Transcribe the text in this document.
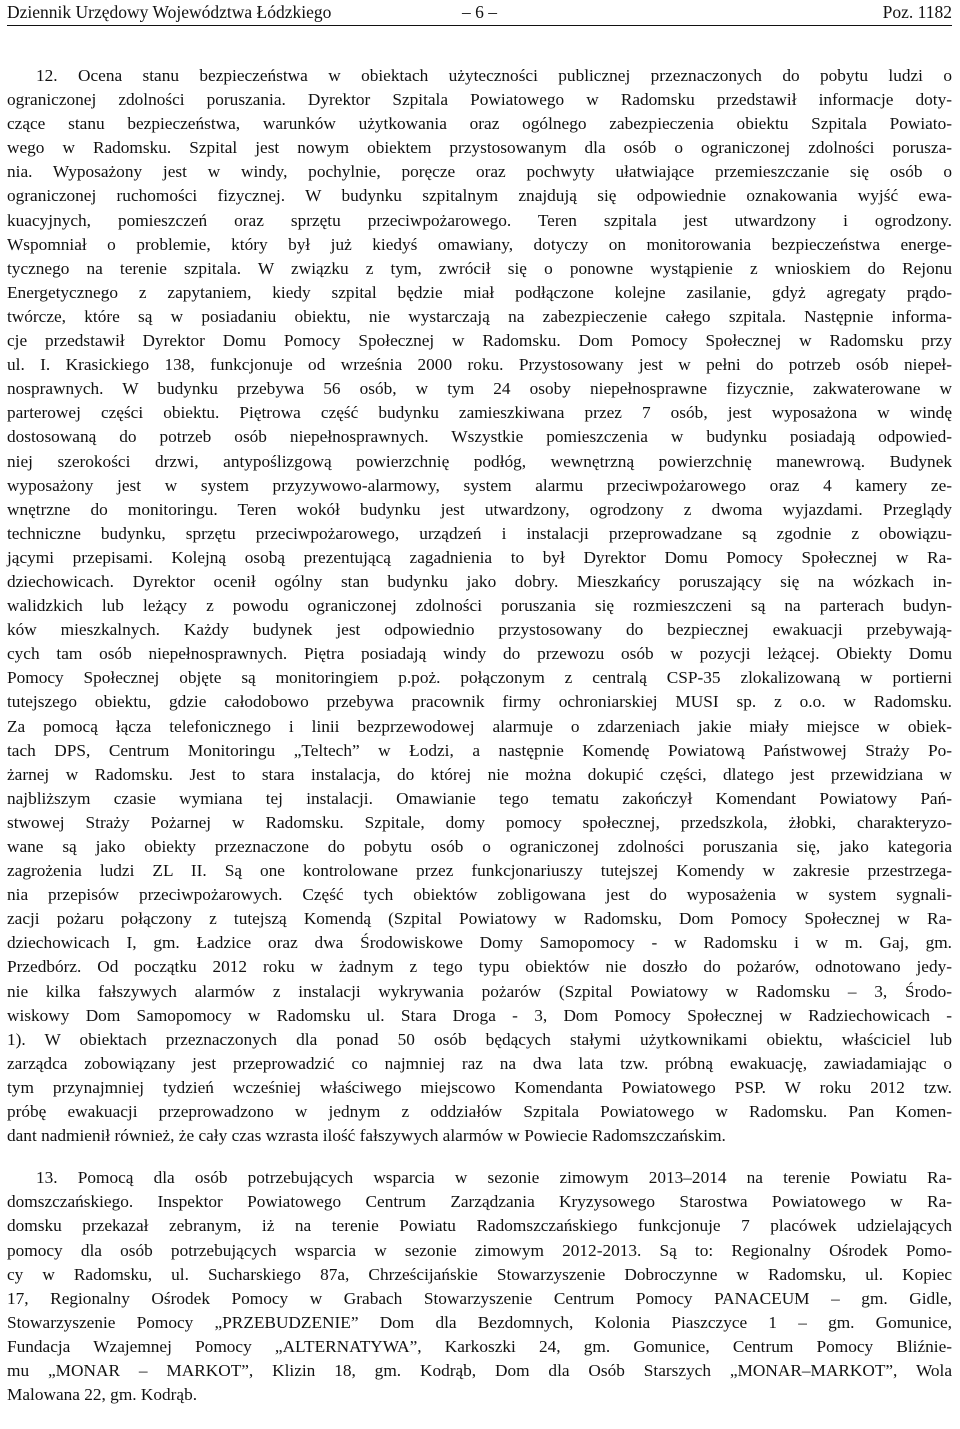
Dziennik Urzędowy Województwa Łódzkiego	– 6 –	Poz. 1182
12. Ocena stanu bezpieczeństwa w obiektach użyteczności publicznej przeznaczonych do pobytu ludzi o
ograniczonej zdolności poruszania. Dyrektor Szpitala Powiatowego w Radomsku przedstawił informacje doty-
czące stanu bezpieczeństwa, warunków użytkowania oraz ogólnego zabezpieczenia obiektu Szpitala Powiato-
wego w Radomsku. Szpital jest nowym obiektem przystosowanym dla osób o ograniczonej zdolności porusza-
nia. Wyposażony jest w windy, pochylnie, poręcze oraz pochwyty ułatwiające przemieszczanie się osób o
ograniczonej ruchomości fizycznej. W budynku szpitalnym znajdują się odpowiednie oznakowania wyjść ewa-
kuacyjnych, pomieszczeń oraz sprzętu przeciwpożarowego. Teren szpitala jest utwardzony i ogrodzony.
Wspomniał o problemie, który był już kiedyś omawiany, dotyczy on monitorowania bezpieczeństwa energe-
tycznego na terenie szpitala. W związku z tym, zwrócił się o ponowne wystąpienie z wnioskiem do Rejonu
Energetycznego z zapytaniem, kiedy szpital będzie miał podłączone kolejne zasilanie, gdyż agregaty prądo-
twórcze, które są w posiadaniu obiektu, nie wystarczają na zabezpieczenie całego szpitala. Następnie informa-
cje przedstawił Dyrektor Domu Pomocy Społecznej w Radomsku. Dom Pomocy Społecznej w Radomsku przy
ul. I. Krasickiego 138, funkcjonuje od września 2000 roku. Przystosowany jest w pełni do potrzeb osób niepeł-
nosprawnych. W budynku przebywa 56 osób, w tym 24 osoby niepełnosprawne fizycznie, zakwaterowane w
parterowej części obiektu. Piętrowa część budynku zamieszkiwana przez 7 osób, jest wyposażona w windę
dostosowaną do potrzeb osób niepełnosprawnych. Wszystkie pomieszczenia w budynku posiadają odpowied-
niej szerokości drzwi, antypoślizgową powierzchnię podłóg, wewnętrzną powierzchnię manewrową. Budynek
wyposażony jest w system przyzywowo-alarmowy, system alarmu przeciwpożarowego oraz 4 kamery ze-
wnętrzne do monitoringu. Teren wokół budynku jest utwardzony, ogrodzony z dwoma wyjazdami. Przeglądy
techniczne budynku, sprzętu przeciwpożarowego, urządzeń i instalacji przeprowadzane są zgodnie z obowiązu-
jącymi przepisami. Kolejną osobą prezentującą zagadnienia to był Dyrektor Domu Pomocy Społecznej w Ra-
dziechowicach. Dyrektor ocenił ogólny stan budynku jako dobry. Mieszkańcy poruszający się na wózkach in-
walidzkich lub leżący z powodu ograniczonej zdolności poruszania się rozmieszczeni są na parterach budyn-
ków mieszkalnych. Każdy budynek jest odpowiednio przystosowany do bezpiecznej ewakuacji przebywają-
cych tam osób niepełnosprawnych. Piętra posiadają windy do przewozu osób w pozycji leżącej. Obiekty Domu
Pomocy Społecznej objęte są monitoringiem p.poż. połączonym z centralą CSP-35 zlokalizowaną w portierni
tutejszego obiektu, gdzie całodobowo przebywa pracownik firmy ochroniarskiej MUSI sp. z o.o. w Radomsku.
Za pomocą łącza telefonicznego i linii bezprzewodowej alarmuje o zdarzeniach jakie miały miejsce w obiek-
tach DPS, Centrum Monitoringu „Teltech” w Łodzi, a następnie Komendę Powiatową Państwowej Straży Po-
żarnej w Radomsku. Jest to stara instalacja, do której nie można dokupić części, dlatego jest przewidziana w
najbliższym czasie wymiana tej instalacji. Omawianie tego tematu zakończył Komendant Powiatowy Pań-
stwowej Straży Pożarnej w Radomsku. Szpitale, domy pomocy społecznej, przedszkola, żłobki, charakteryzo-
wane są jako obiekty przeznaczone do pobytu osób o ograniczonej zdolności poruszania się, jako kategoria
zagrożenia ludzi ZL II. Są one kontrolowane przez funkcjonariuszy tutejszej Komendy w zakresie przestrzega-
nia przepisów przeciwpożarowych. Część tych obiektów zobligowana jest do wyposażenia w system sygnali-
zacji pożaru połączony z tutejszą Komendą (Szpital Powiatowy w Radomsku, Dom Pomocy Społecznej w Ra-
dziechowicach I, gm. Ładzice oraz dwa Środowiskowe Domy Samopomocy - w Radomsku i w m. Gaj, gm.
Przedbórz. Od początku 2012 roku w żadnym z tego typu obiektów nie doszło do pożarów, odnotowano jedy-
nie kilka fałszywych alarmów z instalacji wykrywania pożarów (Szpital Powiatowy w Radomsku – 3, Środo-
wiskowy Dom Samopomocy w Radomsku ul. Stara Droga - 3, Dom Pomocy Społecznej w Radziechowicach -
1). W obiektach przeznaczonych dla ponad 50 osób będących stałymi użytkownikami obiektu, właściciel lub
zarządca zobowiązany jest przeprowadzić co najmniej raz na dwa lata tzw. próbną ewakuację, zawiadamiając o
tym przynajmniej tydzień wcześniej właściwego miejscowo Komendanta Powiatowego PSP. W roku 2012 tzw.
próbę ewakuacji przeprowadzono w jednym z oddziałów Szpitala Powiatowego w Radomsku. Pan Komen-
dant nadmienił również, że cały czas wzrasta ilość fałszywych alarmów w Powiecie Radomszczańskim.
13. Pomocą dla osób potrzebujących wsparcia w sezonie zimowym 2013–2014 na terenie Powiatu Ra-
domszczańskiego. Inspektor Powiatowego Centrum Zarządzania Kryzysowego Starostwa Powiatowego w Ra-
domsku przekazał zebranym, iż na terenie Powiatu Radomszczańskiego funkcjonuje 7 placówek udzielających
pomocy dla osób potrzebujących wsparcia w sezonie zimowym 2012-2013. Są to: Regionalny Ośrodek Pomo-
cy w Radomsku, ul. Sucharskiego 87a, Chrześcijańskie Stowarzyszenie Dobroczynne w Radomsku, ul. Kopiec
17, Regionalny Ośrodek Pomocy w Grabach Stowarzyszenie Centrum Pomocy PANACEUM – gm. Gidle,
Stowarzyszenie Pomocy „PRZEBUDZENIE” Dom dla Bezdomnych, Kolonia Piaszczyce 1 – gm. Gomunice,
Fundacja Wzajemnej Pomocy „ALTERNATYWA”, Karkoszki 24, gm. Gomunice, Centrum Pomocy Bliźnie-
mu „MONAR – MARKOT”, Klizin 18, gm. Kodrąb, Dom dla Osób Starszych „MONAR–MARKOT”, Wola
Malowana 22, gm. Kodrąb.
